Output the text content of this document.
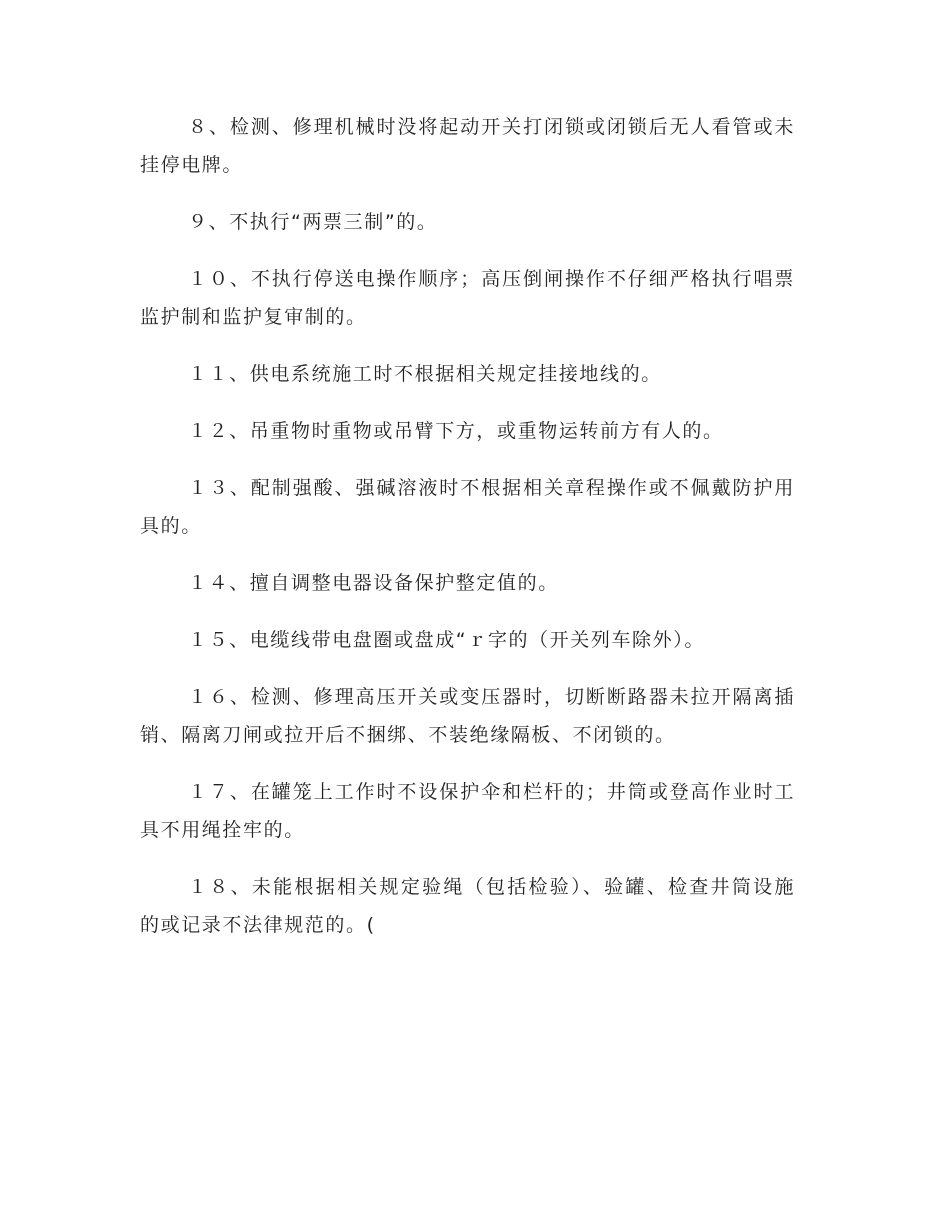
８、检测、修理机械时没将起动开关打闭锁或闭锁后无人看管或未挂停电牌。

９、不执行“两票三制”的。

１０、不执行停送电操作顺序；高压倒闸操作不仔细严格执行唱票监护制和监护复审制的。

１１、供电系统施工时不根据相关规定挂接地线的。

１２、吊重物时重物或吊臂下方，或重物运转前方有人的。

１３、配制强酸、强碱溶液时不根据相关章程操作或不佩戴防护用具的。

１４、擅自调整电器设备保护整定值的。

１５、电缆线带电盘圈或盘成“ｒ字的（开关列车除外）。

１６、检测、修理高压开关或变压器时，切断断路器未拉开隔离插销、隔离刀闸或拉开后不捆绑、不装绝缘隔板、不闭锁的。

１７、在罐笼上工作时不设保护伞和栏杆的；井筒或登高作业时工具不用绳拴牢的。

１８、未能根据相关规定验绳（包括检验）、验罐、检查井筒设施的或记录不法律规范的。(
